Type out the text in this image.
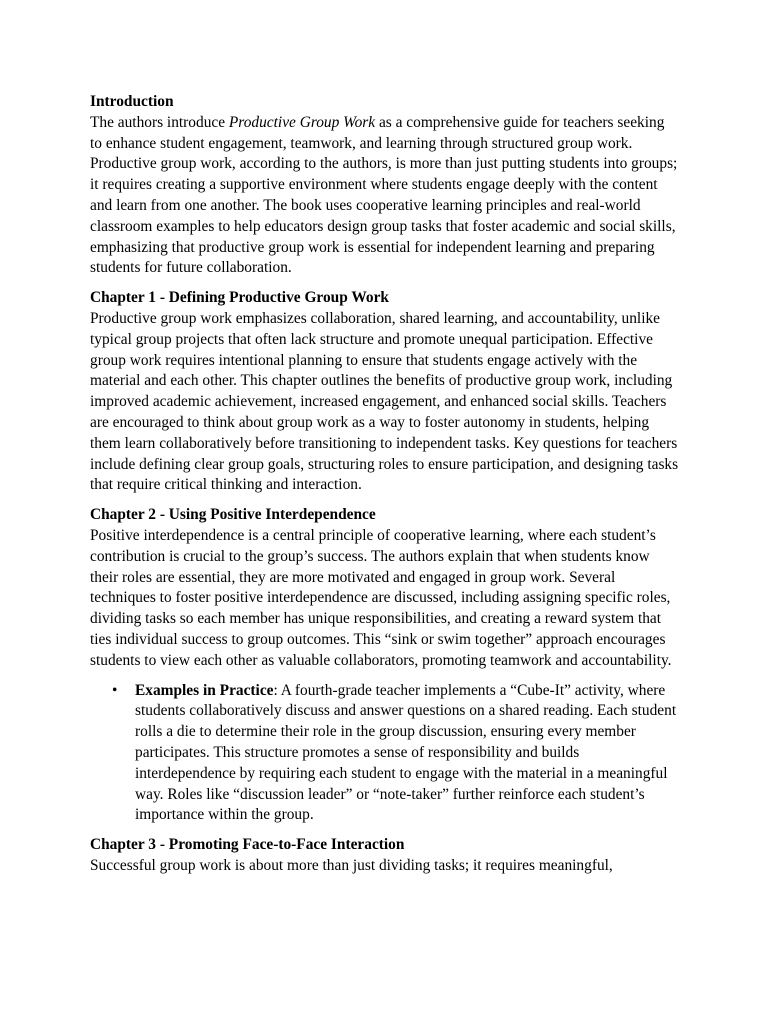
Introduction

The authors introduce Productive Group Work as a comprehensive guide for teachers seeking to enhance student engagement, teamwork, and learning through structured group work. Productive group work, according to the authors, is more than just putting students into groups; it requires creating a supportive environment where students engage deeply with the content and learn from one another. The book uses cooperative learning principles and real-world classroom examples to help educators design group tasks that foster academic and social skills, emphasizing that productive group work is essential for independent learning and preparing students for future collaboration.

Chapter 1 - Defining Productive Group Work

Productive group work emphasizes collaboration, shared learning, and accountability, unlike typical group projects that often lack structure and promote unequal participation. Effective group work requires intentional planning to ensure that students engage actively with the material and each other. This chapter outlines the benefits of productive group work, including improved academic achievement, increased engagement, and enhanced social skills. Teachers are encouraged to think about group work as a way to foster autonomy in students, helping them learn collaboratively before transitioning to independent tasks. Key questions for teachers include defining clear group goals, structuring roles to ensure participation, and designing tasks that require critical thinking and interaction.

Chapter 2 - Using Positive Interdependence

Positive interdependence is a central principle of cooperative learning, where each student’s contribution is crucial to the group’s success. The authors explain that when students know their roles are essential, they are more motivated and engaged in group work. Several techniques to foster positive interdependence are discussed, including assigning specific roles, dividing tasks so each member has unique responsibilities, and creating a reward system that ties individual success to group outcomes. This “sink or swim together” approach encourages students to view each other as valuable collaborators, promoting teamwork and accountability.

• Examples in Practice: A fourth-grade teacher implements a “Cube-It” activity, where students collaboratively discuss and answer questions on a shared reading. Each student rolls a die to determine their role in the group discussion, ensuring every member participates. This structure promotes a sense of responsibility and builds interdependence by requiring each student to engage with the material in a meaningful way. Roles like “discussion leader” or “note-taker” further reinforce each student’s importance within the group.

Chapter 3 - Promoting Face-to-Face Interaction

Successful group work is about more than just dividing tasks; it requires meaningful,
